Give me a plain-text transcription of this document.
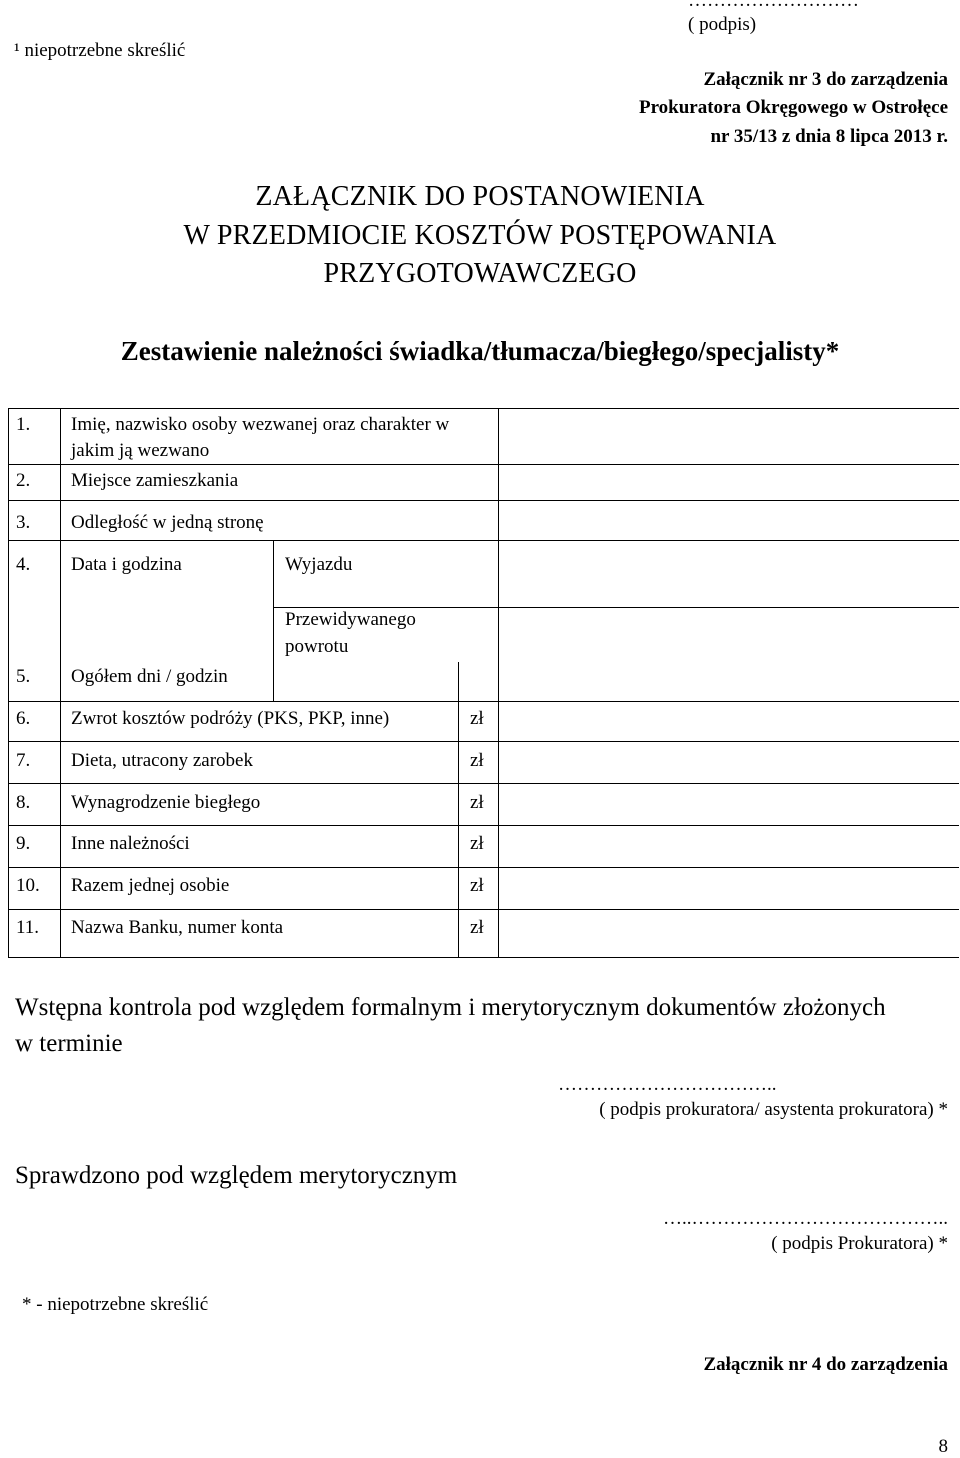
………………………
( podpis)
¹ niepotrzebne skreślić
Załącznik nr 3 do zarządzenia
Prokuratora Okręgowego w Ostrołęce
nr 35/13 z dnia 8 lipca 2013 r.
ZAŁĄCZNIK DO POSTANOWIENIA
W PRZEDMIOCIE KOSZTÓW POSTĘPOWANIA
PRZYGOTOWAWCZEGO
Zestawienie należności świadka/tłumacza/biegłego/specjalisty*
1. Imię, nazwisko osoby wezwanej oraz charakter w
jakim ją wezwano
2. Miejsce zamieszkania
3. Odległość w jedną stronę
4. Data i godzina	Wyjazdu
Przewidywanego
powrotu
5. Ogółem dni / godzin
6. Zwrot kosztów podróży (PKS, PKP, inne)	zł
7. Dieta, utracony zarobek	zł
8. Wynagrodzenie biegłego	zł
9. Inne należności	zł
10. Razem jednej osobie	zł
11. Nazwa Banku, numer konta	zł
Wstępna kontrola pod względem formalnym i merytorycznym dokumentów złożonych
w terminie
……………………………..
( podpis prokuratora/ asystenta prokuratora) *
Sprawdzono pod względem merytorycznym
…..…………………………………..
( podpis Prokuratora) *
* - niepotrzebne skreślić
Załącznik nr 4 do zarządzenia
8
